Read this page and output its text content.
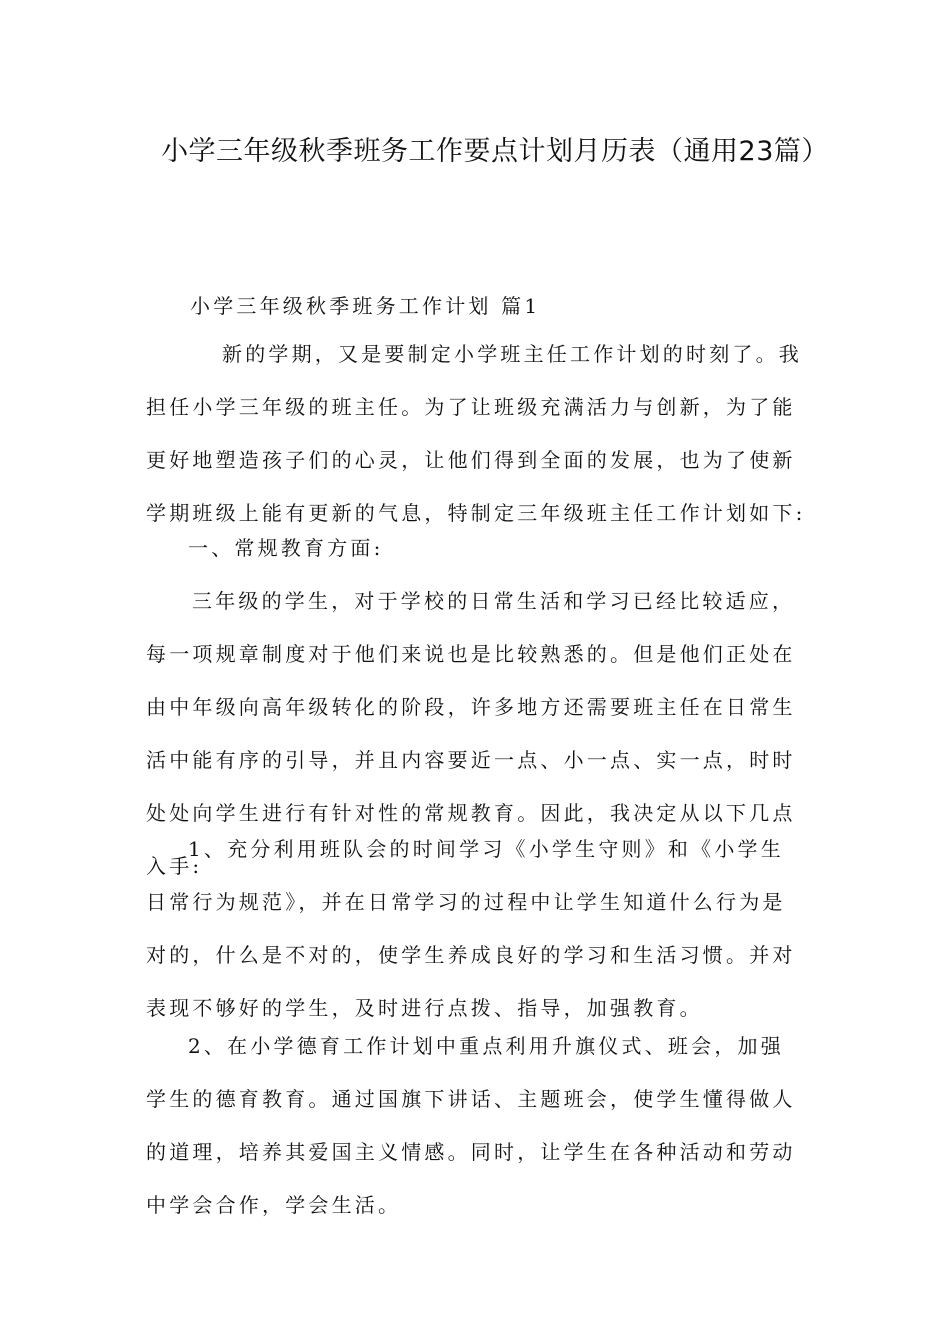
小学三年级秋季班务工作要点计划月历表（通用23篇）

小学三年级秋季班务工作计划 篇1

新的学期，又是要制定小学班主任工作计划的时刻了。我担任小学三年级的班主任。为了让班级充满活力与创新，为了能更好地塑造孩子们的心灵，让他们得到全面的发展，也为了使新学期班级上能有更新的气息，特制定三年级班主任工作计划如下:

一、常规教育方面:

三年级的学生，对于学校的日常生活和学习已经比较适应，每一项规章制度对于他们来说也是比较熟悉的。但是他们正处在由中年级向高年级转化的阶段，许多地方还需要班主任在日常生活中能有序的引导，并且内容要近一点、小一点、实一点，时时处处向学生进行有针对性的常规教育。因此，我决定从以下几点入手:

1、充分利用班队会的时间学习《小学生守则》和《小学生日常行为规范》，并在日常学习的过程中让学生知道什么行为是对的，什么是不对的，使学生养成良好的学习和生活习惯。并对表现不够好的学生，及时进行点拨、指导，加强教育。

2、在小学德育工作计划中重点利用升旗仪式、班会，加强学生的德育教育。通过国旗下讲话、主题班会，使学生懂得做人的道理，培养其爱国主义情感。同时，让学生在各种活动和劳动中学会合作，学会生活。
